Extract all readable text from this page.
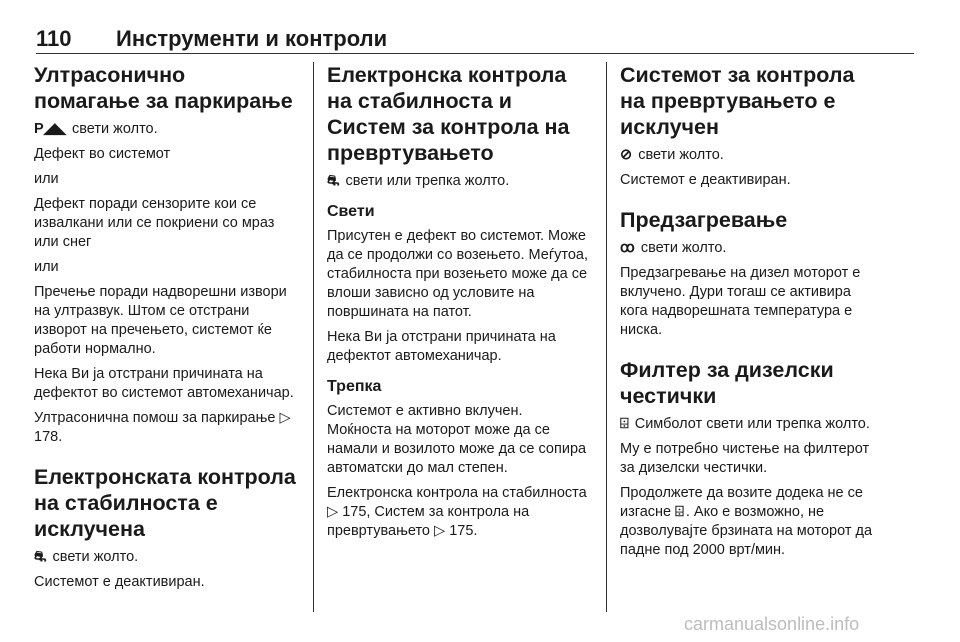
110 Инструменти и контроли
Ултрасонично помагање за паркирање

P◢◣ свети жолто.

Дефект во системот

или

Дефект поради сензорите кои се извалкани или се покриени со мраз или снег

или

Пречење поради надворешни извори на ултразвук. Штом се отстрани изворот на пречењето, системот ќе работи нормално.

Нека Ви ја отстрани причината на дефектот во системот автомеханичар.

Ултрасонична помош за паркирање ▷ 178.

Електронската контрола на стабилноста е исклучена

⛐ свети жолто.

Системот е деактивиран.

Електронска контрола на стабилноста и Систем за контрола на превртувањето

⛐ свети или трепка жолто.

Свети

Присутен е дефект во системот. Може да се продолжи со возењето. Меѓутоа, стабилноста при возењето може да се влоши зависно од условите на површината на патот.

Нека Ви ја отстрани причината на дефектот автомеханичар.

Трепка

Системот е активно вклучен. Моќноста на моторот може да се намали и возилото може да се сопира автоматски до мал степен.

Електронска контрола на стабилноста ▷ 175, Систем за контрола на превртувањето ▷ 175.

Системот за контрола на превртувањето е исклучен

⊘ свети жолто.

Системот е деактивиран.

Предзагревање

ꝏ свети жолто.

Предзагревање на дизел моторот е вклучено. Дури тогаш се активира кога надворешната температура е ниска.

Филтер за дизелски честички

⌹ Симболот свети или трепка жолто.

Му е потребно чистење на филтерот за дизелски честички.

Продолжете да возите додека не се изгасне ⌹ . Ако е возможно, не дозволувајте брзината на моторот да падне под 2000 врт/мин.

carmanualsonline.info
